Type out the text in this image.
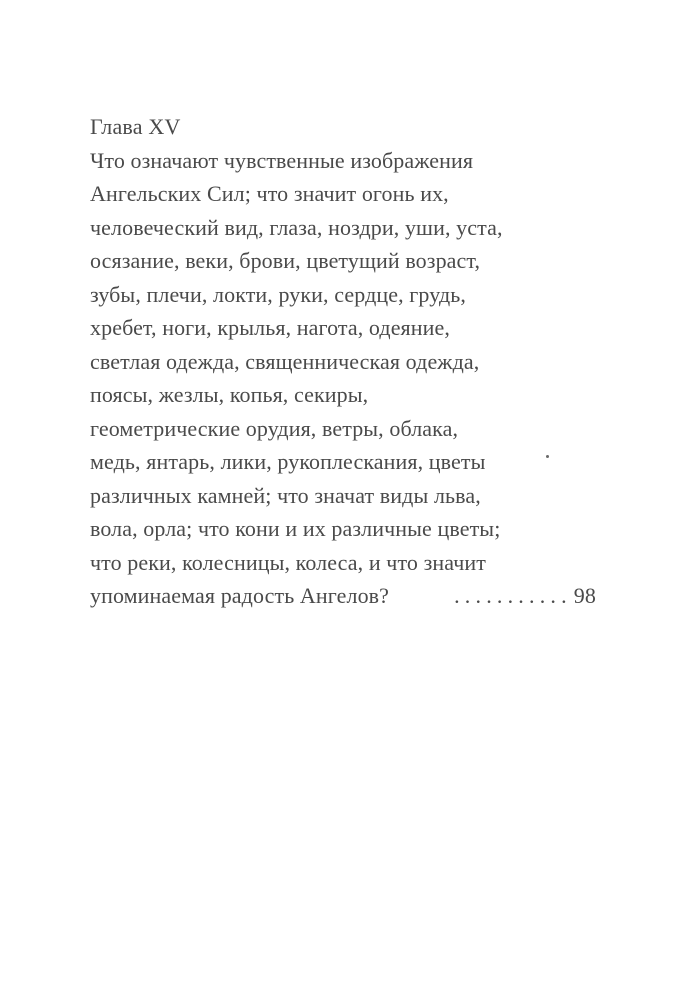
Глава XV
Что означают чувственные изображения
Ангельских Сил; что значит огонь их,
человеческий вид, глаза, ноздри, уши, уста,
осязание, веки, брови, цветущий возраст,
зубы, плечи, локти, руки, сердце, грудь,
хребет, ноги, крылья, нагота, одеяние,
светлая одежда, священническая одежда,
поясы, жезлы, копья, секиры,
геометрические орудия, ветры, облака,
медь, янтарь, лики, рукоплескания, цветы
различных камней; что значат виды льва,
вола, орла; что кони и их различные цветы;
что реки, колесницы, колеса, и что значит
упоминаемая радость Ангелов?	........... 98
